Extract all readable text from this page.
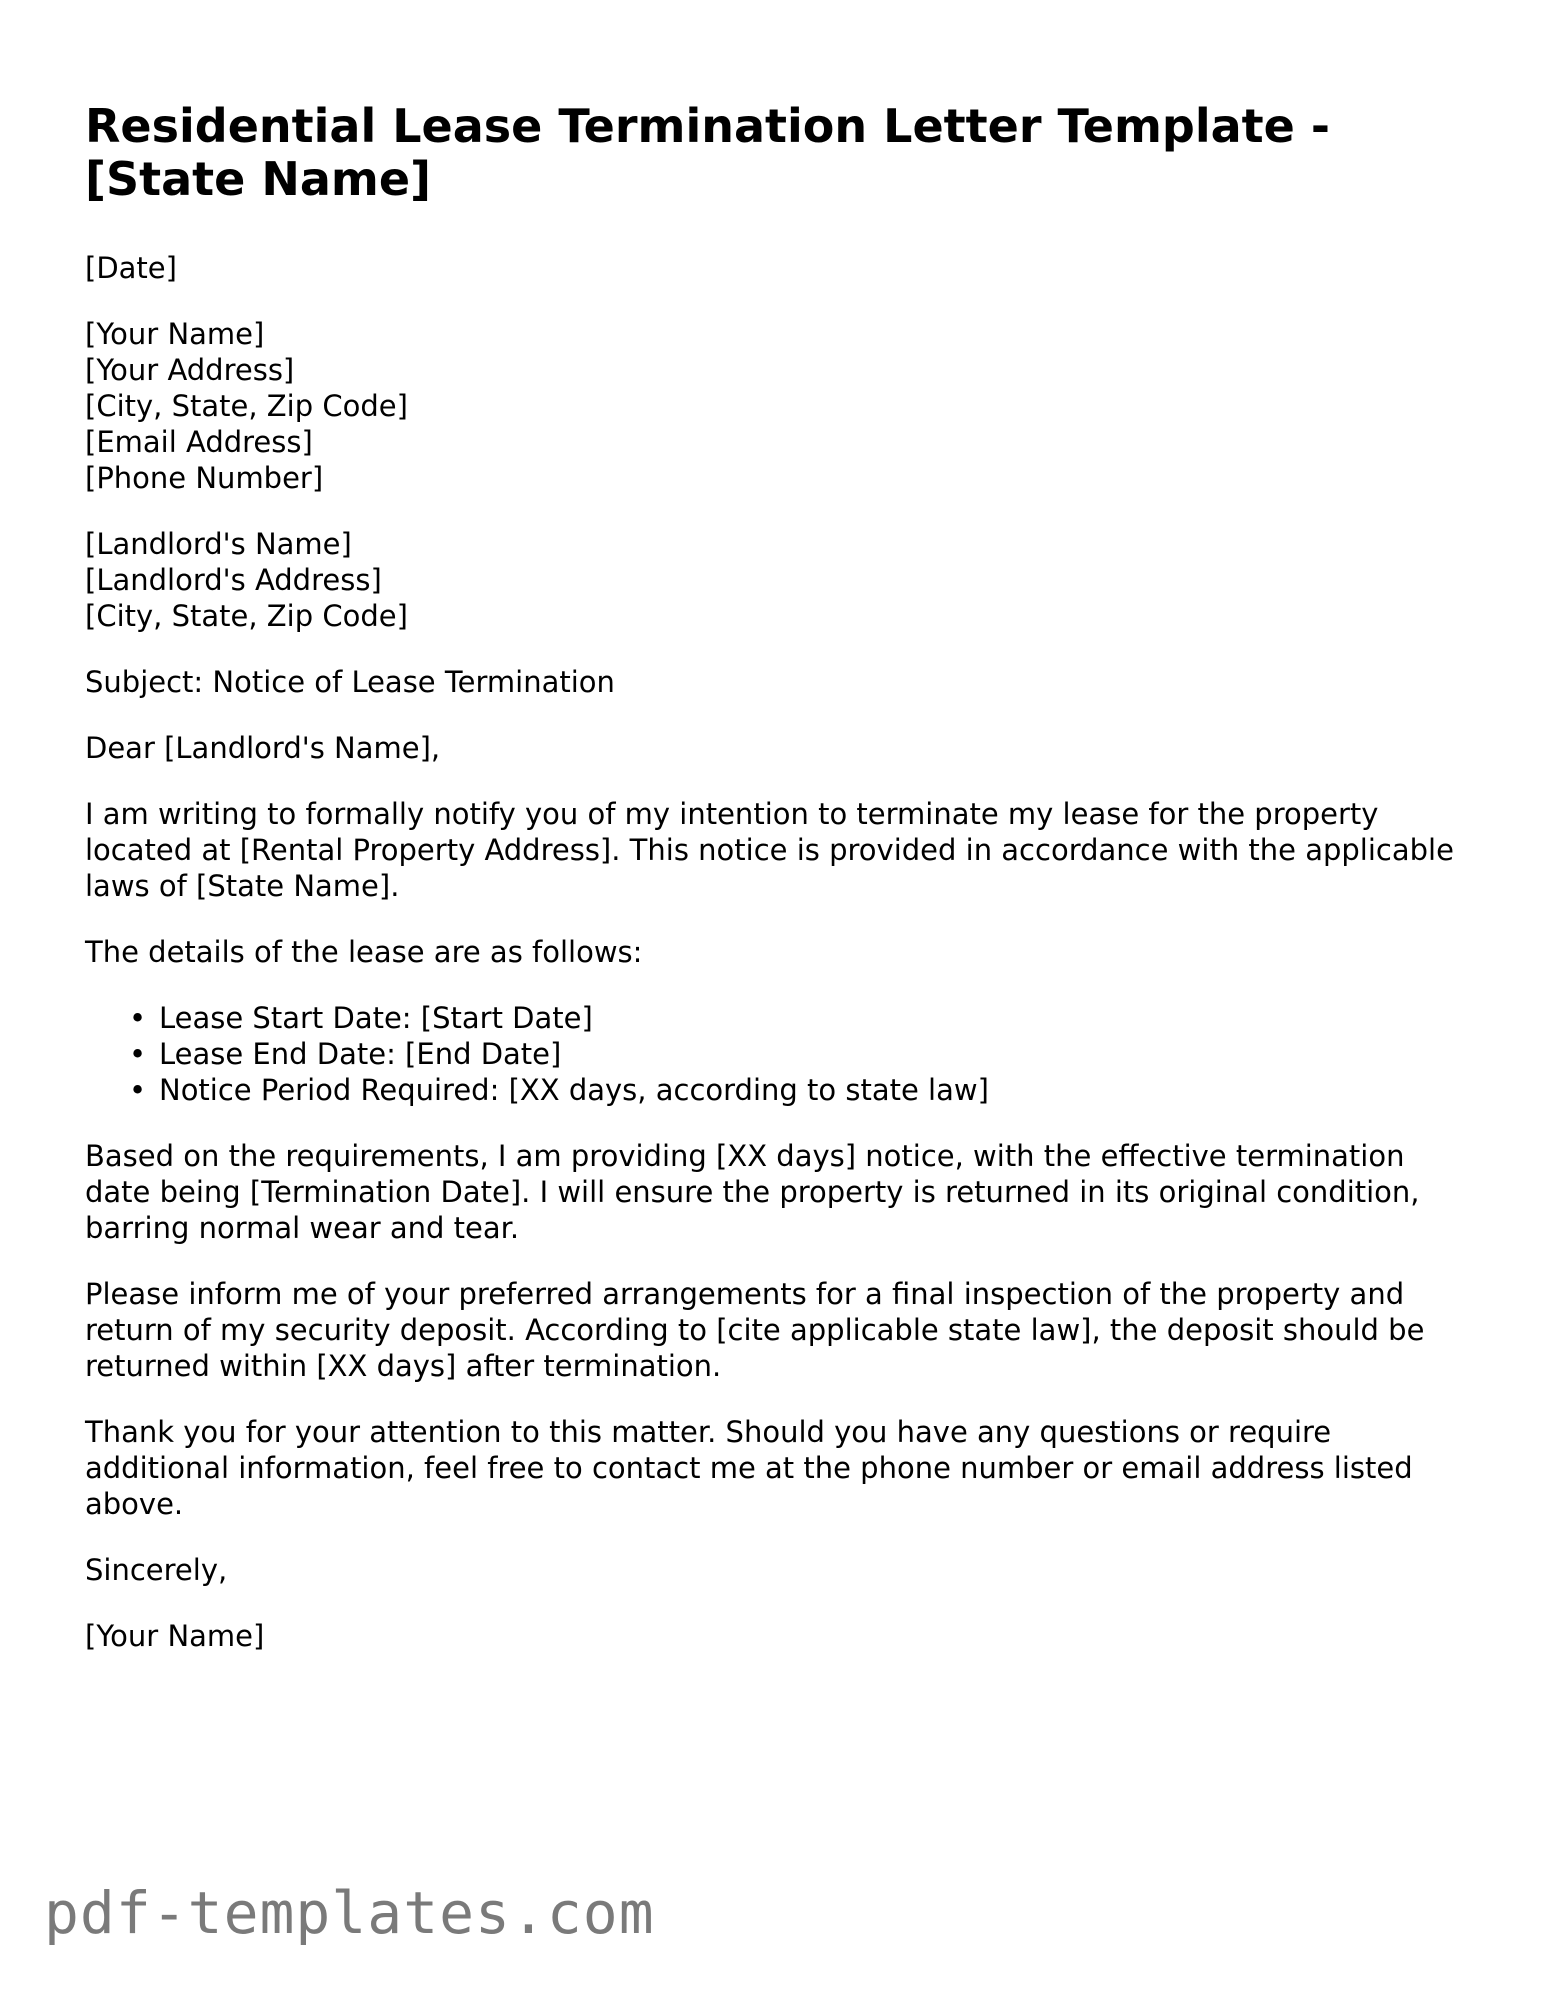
Residential Lease Termination Letter Template - [State Name]
[Date]
[Your Name]
[Your Address]
[City, State, Zip Code]
[Email Address]
[Phone Number]
[Landlord's Name]
[Landlord's Address]
[City, State, Zip Code]
Subject: Notice of Lease Termination
Dear [Landlord's Name],
I am writing to formally notify you of my intention to terminate my lease for the property located at [Rental Property Address]. This notice is provided in accordance with the applicable laws of [State Name].
The details of the lease are as follows:
• Lease Start Date: [Start Date]
• Lease End Date: [End Date]
• Notice Period Required: [XX days, according to state law]
Based on the requirements, I am providing [XX days] notice, with the effective termination date being [Termination Date]. I will ensure the property is returned in its original condition, barring normal wear and tear.
Please inform me of your preferred arrangements for a final inspection of the property and return of my security deposit. According to [cite applicable state law], the deposit should be returned within [XX days] after termination.
Thank you for your attention to this matter. Should you have any questions or require additional information, feel free to contact me at the phone number or email address listed above.
Sincerely,
[Your Name]
pdf-templates.com
